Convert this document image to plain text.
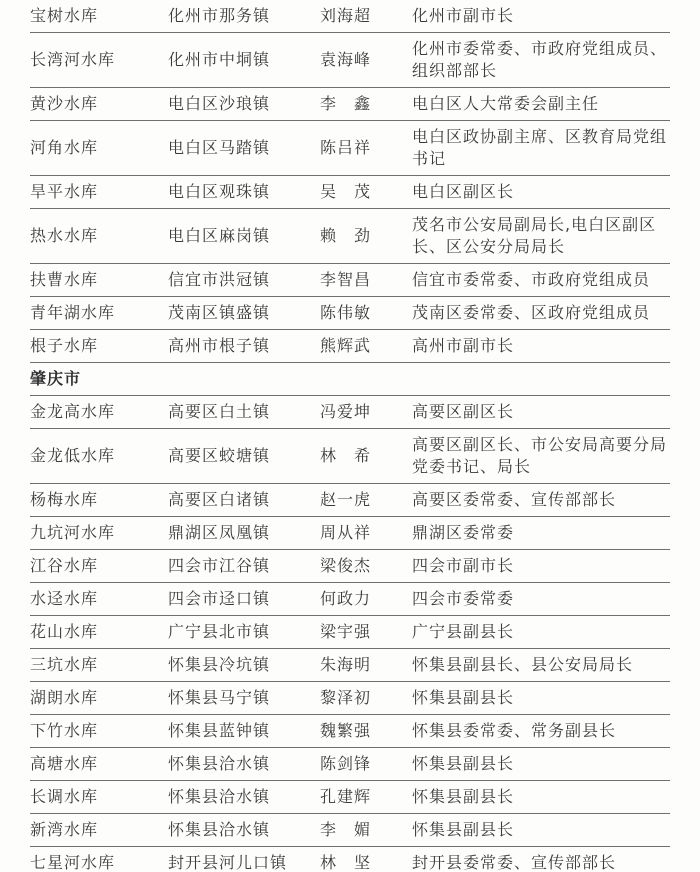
宝树水库	化州市那务镇	刘海超	化州市副市长
长湾河水库	化州市中垌镇	袁海峰	化州市委常委、市政府党组成员、组织部部长
黄沙水库	电白区沙琅镇	李　鑫	电白区人大常委会副主任
河角水库	电白区马踏镇	陈吕祥	电白区政协副主席、区教育局党组书记
旱平水库	电白区观珠镇	吴　茂	电白区副区长
热水水库	电白区麻岗镇	赖　劲	茂名市公安局副局长,电白区副区长、区公安分局局长
扶曹水库	信宜市洪冠镇	李智昌	信宜市委常委、市政府党组成员
青年湖水库	茂南区镇盛镇	陈伟敏	茂南区委常委、区政府党组成员
根子水库	高州市根子镇	熊辉武	高州市副市长
肇庆市			
金龙高水库	高要区白土镇	冯爱坤	高要区副区长
金龙低水库	高要区蛟塘镇	林　希	高要区副区长、市公安局高要分局党委书记、局长
杨梅水库	高要区白诸镇	赵一虎	高要区委常委、宣传部部长
九坑河水库	鼎湖区凤凰镇	周从祥	鼎湖区委常委
江谷水库	四会市江谷镇	梁俊杰	四会市副市长
水迳水库	四会市迳口镇	何政力	四会市委常委
花山水库	广宁县北市镇	梁宇强	广宁县副县长
三坑水库	怀集县冷坑镇	朱海明	怀集县副县长、县公安局局长
湖朗水库	怀集县马宁镇	黎泽初	怀集县副县长
下竹水库	怀集县蓝钟镇	魏繁强	怀集县委常委、常务副县长
高塘水库	怀集县洽水镇	陈剑锋	怀集县副县长
长调水库	怀集县洽水镇	孔建辉	怀集县副县长
新湾水库	怀集县洽水镇	李　媚	怀集县副县长
七星河水库	封开县河儿口镇	林　坚	封开县委常委、宣传部部长
